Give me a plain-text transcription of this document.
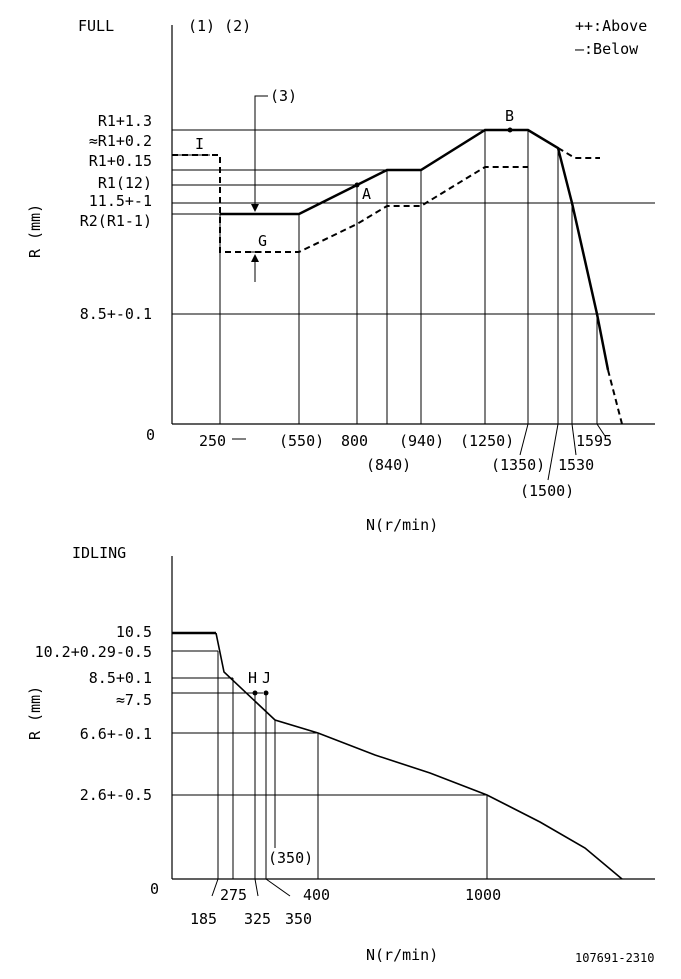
FULL	(1) (2)	++:Above
—:Below
0
R (mm)
N(r/min)
I
A
B
G
(3)
R1+1.3
≈R1+0.2
R1+0.15
R1(12)
11.5+-1
R2(R1-1)
8.5+-0.1
250	(550) 800
(840)
(940) (1250)
(1350)
(1500)
1530
1595
IDLING
0
R (mm)
N(r/min)
H J
10.5
10.2+0.29-0.5
8.5+0.1
≈7.5
6.6+-0.1
2.6+-0.5
185
275
325 350
400	1000
(350)
107691-2310
